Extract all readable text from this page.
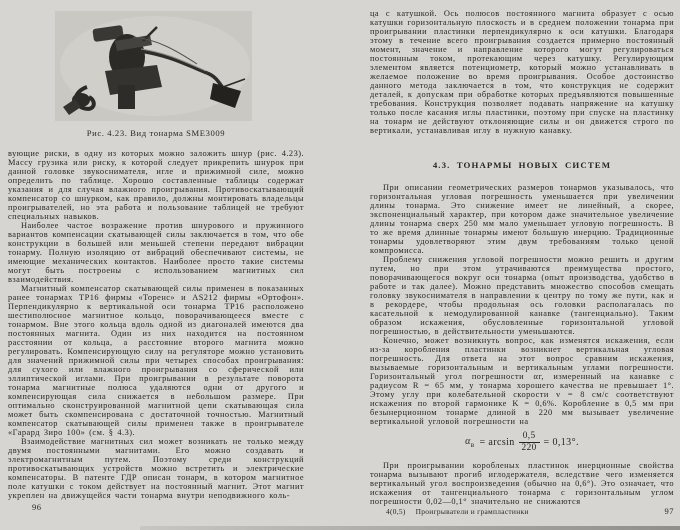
Рис. 4.23. Вид тонарма SME3009

вующие риски, в одну из которых можно заложить шнур (рис. 4.23). Массу грузика или риску, к которой следует прикрепить шнурок при данной головке звукоснимателя, игле и прижимной силе, можно определить по таблице. Хорошо составленные таблицы содержат указания и для случая влажного проигрывания. Противоскатывающий компенсатор со шнурком, как правило, должны монтировать владельцы проигрывателей, но эта работа и пользование таблицей не требуют специальных навыков.

Наиболее частое возражение против шнурового и пружинного вариантов компенсации скатывающей силы заключается в том, что обе конструкции в большей или меньшей степени передают вибрации тонарму. Полную изоляцию от вибраций обеспечивают системы, не имеющие механических контактов. Наиболее просто такие системы могут быть построены с использованием магнитных сил взаимодействия.

Магнитный компенсатор скатывающей силы применен в показанных ранее тонармах ТР16 фирмы «Торенс» и AS212 фирмы «Ортофон». Перпендикулярно к вертикальной оси тонарма ТР16 расположено шестиполюсное магнитное кольцо, поворачивающееся вместе с тонармом. Вне этого кольца вдоль одной из диагоналей имеются два постоянных магнита. Один из них находится на постоянном расстоянии от кольца, а расстояние второго магнита можно регулировать. Компенсирующую силу на регуляторе можно установить для значений прижимной силы при четырех способах проигрывания: для сухого или влажного проигрывания со сферической или эллиптической иглами. При проигрывании в результате поворота тонарма магнитные полюса удаляются одни от другого и компенсирующая сила снижается в небольшом размере. При оптимально сконструированной магнитной цепи скатывающая сила может быть скомпенсирована с достаточной точностью. Магнитный компенсатор скатывающей силы применен также в проигрывателе «Гарард Зиро 100» (см. § 4.3).

Взаимодействие магнитных сил может возникать не только между двумя постоянными магнитами. Его можно создавать и электромагнитным путем. Поэтому среди конструкций противоскатывающих устройств можно встретить и электрические компенсаторы. В патенте ГДР описан тонарм, в котором магнитное поле катушки с током действует на постоянный магнит. Этот магнит укреплен на движущейся части тонарма внутри неподвижного коль-

96

ца с катушкой. Ось полюсов постоянного магнита образует с осью катушки горизонтальную плоскость и в среднем положении тонарма при проигрывании пластинки перпендикулярно к оси катушки. Благодаря этому в течение всего проигрывания создается примерно постоянный момент, значение и направление которого могут регулироваться постоянным током, протекающим через катушку. Регулирующим элементом является потенциометр, который можно устанавливать в желаемое положение во время проигрывания. Особое достоинство данного метода заключается в том, что конструкция не содержит деталей, к допускам при обработке которых предъявляются повышенные требования. Конструкция позволяет подавать напряжение на катушку только после касания иглы пластинки, поэтому при спуске на пластинку на тонарм не действуют отклоняющие силы и он движется строго по вертикали, устанавливая иглу в нужную канавку.

4.3. ТОНАРМЫ НОВЫХ СИСТЕМ

При описании геометрических размеров тонармов указывалось, что горизонтальная угловая погрешность уменьшается при увеличении длины тонарма. Это снижение имеет не линейный, а скорее, экспоненциальный характер, при котором даже значительное увеличение длины тонарма сверх 250 мм мало уменьшает угловую погрешность. В то же время длинные тонармы имеют большую инерцию. Традиционные тонармы удовлетворяют этим двум требованиям только ценой компромисса.

Проблему снижения угловой погрешности можно решить и другим путем, но при этом утрачиваются преимущества простого, поворачивающегося вокруг оси тонарма (опыт производства, удобство в работе и так далее). Можно представить множество способов смещать головку звукоснимателя в направлении к центру по тому же пути, как и в рекордере, чтобы продольная ось головки располагалась по касательной к немодулированной канавке (тангенциально). Таким образом искажения, обусловленные горизонтальной угловой погрешностью, в действительности уменьшаются.

Конечно, может возникнуть вопрос, как изменятся искажения, если из-за коробления пластинки возникнет вертикальная угловая погрешность. Для ответа на этот вопрос сравним искажения, вызываемые горизонтальным и вертикальным углами погрешности. Горизонтальный угол погрешности αг, измеренный на канавке с радиусом R = 65 мм, у тонарма хорошего качества не превышает 1°. Этому углу при колебательной скорости v = 8 см/с соответствуют искажения по второй гармонике K = 0,6%. Коробление в 0,5 мм при безынерционном тонарме длиной в 220 мм вызывает увеличение вертикальной угловой погрешности на

$\alpha_в = \arcsin \frac{0,5}{220} = 0,13^\circ$.

При проигрывании коробленых пластинок инерционные свойства тонарма вызывают прогиб иглодержателя, вследствие чего изменяется вертикальный угол воспроизведения (обычно на 0,6°). Это означает, что искажения от тангенциального тонарма с горизонтальным углом погрешности 0,02—0,1° значительно не снижаются

4(0,5) Проигрыватели и грампластинки	97
